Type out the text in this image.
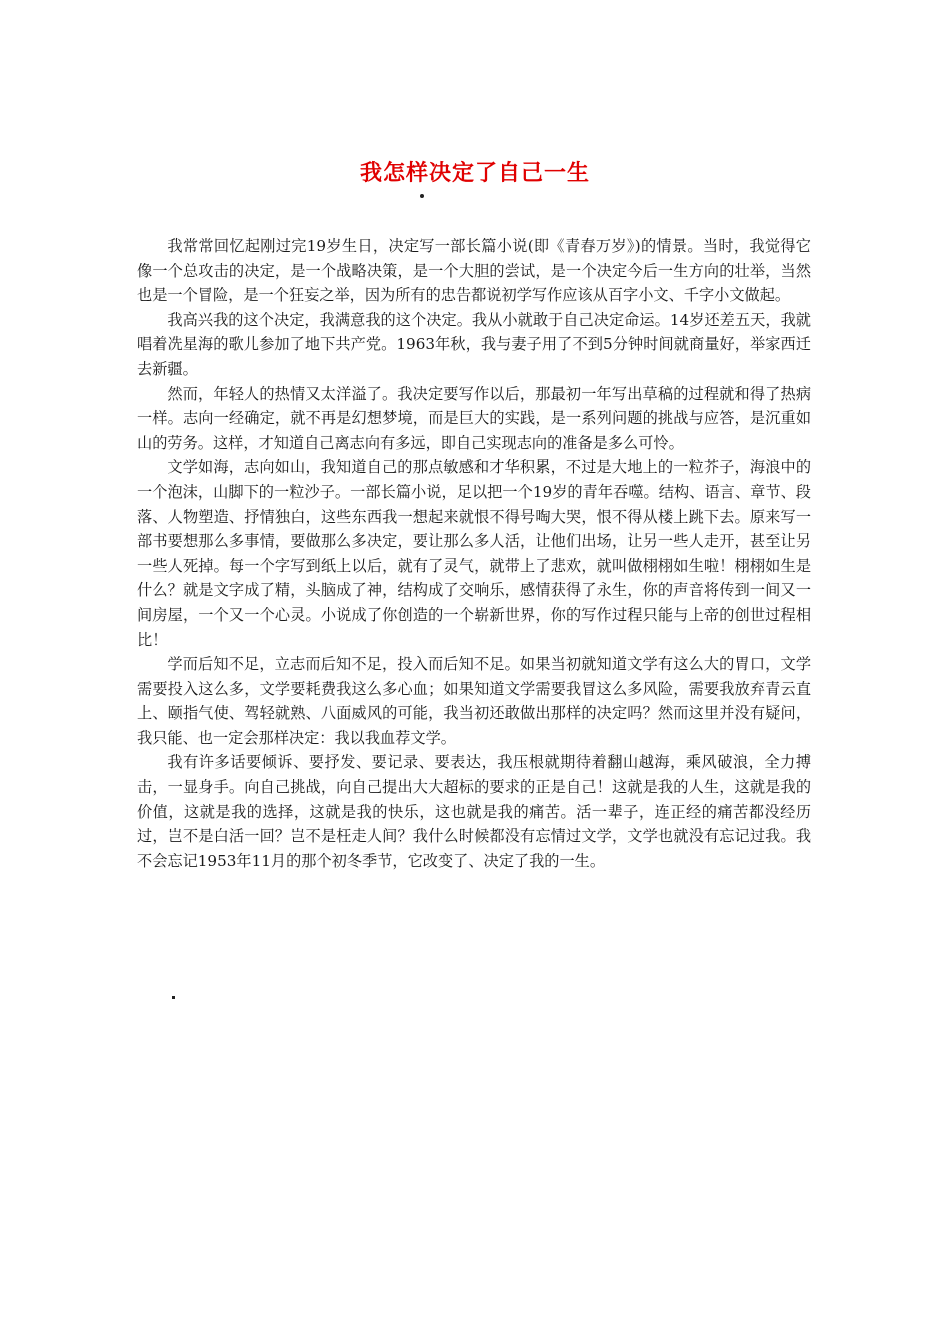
我怎样决定了自己一生

我常常回忆起刚过完19岁生日，决定写一部长篇小说(即《青春万岁》)的情景。当时，我觉得它像一个总攻击的决定，是一个战略决策，是一个大胆的尝试，是一个决定今后一生方向的壮举，当然也是一个冒险，是一个狂妄之举，因为所有的忠告都说初学写作应该从百字小文、千字小文做起。

我高兴我的这个决定，我满意我的这个决定。我从小就敢于自己决定命运。14岁还差五天，我就唱着冼星海的歌儿参加了地下共产党。1963年秋，我与妻子用了不到5分钟时间就商量好，举家西迁去新疆。

然而，年轻人的热情又太洋溢了。我决定要写作以后，那最初一年写出草稿的过程就和得了热病一样。志向一经确定，就不再是幻想梦境，而是巨大的实践，是一系列问题的挑战与应答，是沉重如山的劳务。这样，才知道自己离志向有多远，即自己实现志向的准备是多么可怜。

文学如海，志向如山，我知道自己的那点敏感和才华积累，不过是大地上的一粒芥子，海浪中的一个泡沫，山脚下的一粒沙子。一部长篇小说，足以把一个19岁的青年吞噬。结构、语言、章节、段落、人物塑造、抒情独白，这些东西我一想起来就恨不得号啕大哭，恨不得从楼上跳下去。原来写一部书要想那么多事情，要做那么多决定，要让那么多人活，让他们出场，让另一些人走开，甚至让另一些人死掉。每一个字写到纸上以后，就有了灵气，就带上了悲欢，就叫做栩栩如生啦！栩栩如生是什么？就是文字成了精，头脑成了神，结构成了交响乐，感情获得了永生，你的声音将传到一间又一间房屋，一个又一个心灵。小说成了你创造的一个崭新世界，你的写作过程只能与上帝的创世过程相比！

学而后知不足，立志而后知不足，投入而后知不足。如果当初就知道文学有这么大的胃口，文学需要投入这么多，文学要耗费我这么多心血；如果知道文学需要我冒这么多风险，需要我放弃青云直上、颐指气使、驾轻就熟、八面威风的可能，我当初还敢做出那样的决定吗？然而这里并没有疑问，我只能、也一定会那样决定：我以我血荐文学。

我有许多话要倾诉、要抒发、要记录、要表达，我压根就期待着翻山越海，乘风破浪，全力搏击，一显身手。向自己挑战，向自己提出大大超标的要求的正是自己！这就是我的人生，这就是我的价值，这就是我的选择，这就是我的快乐，这也就是我的痛苦。活一辈子，连正经的痛苦都没经历过，岂不是白活一回？岂不是枉走人间？我什么时候都没有忘情过文学，文学也就没有忘记过我。我不会忘记1953年11月的那个初冬季节，它改变了、决定了我的一生。
